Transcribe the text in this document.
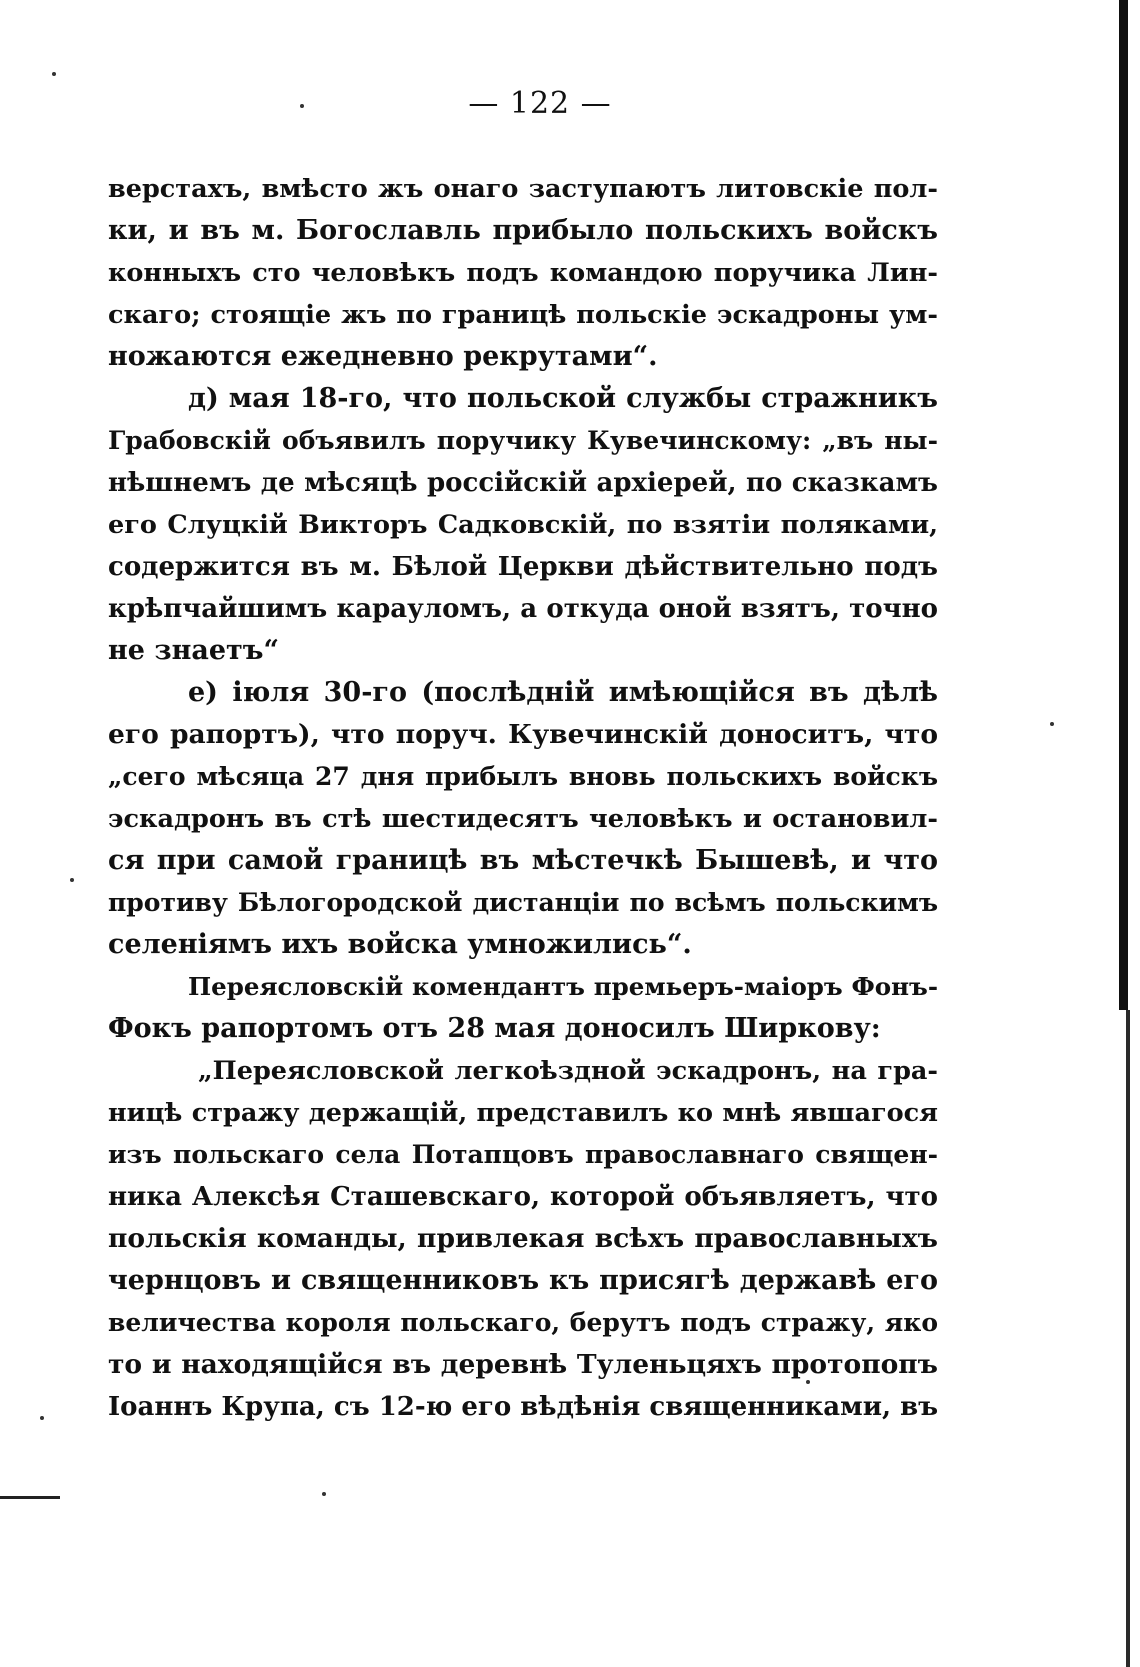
— 122 —
верстахъ, вмѣсто жъ онаго заступаютъ литовскіе пол-
ки, и въ м. Богославль прибыло польскихъ войскъ
конныхъ сто человѣкъ подъ командою поручика Лин-
скаго; стоящіе жъ по границѣ польскіе эскадроны ум-
ножаются ежедневно рекрутами“.
д) мая 18-го, что польской службы стражникъ
Грабовскій объявилъ поручику Кувечинскому: „въ ны-
нѣшнемъ де мѣсяцѣ россійскій архіерей, по сказкамъ
его Слуцкій Викторъ Садковскій, по взятіи поляками,
содержится въ м. Бѣлой Церкви дѣйствительно подъ
крѣпчайшимъ карауломъ, а откуда оной взятъ, точно
не знаетъ“
е) іюля 30-го (послѣдній имѣющійся въ дѣлѣ
его рапортъ), что поруч. Кувечинскій доноситъ, что
„сего мѣсяца 27 дня прибылъ вновь польскихъ войскъ
эскадронъ въ стѣ шестидесятъ человѣкъ и остановил-
ся при самой границѣ въ мѣстечкѣ Бышевѣ, и что
противу Бѣлогородской дистанціи по всѣмъ польскимъ
селеніямъ ихъ войска умножились“.
Переясловскій комендантъ премьеръ-маіоръ Фонъ-
Фокъ рапортомъ отъ 28 мая доносилъ Ширкову:
„Переясловской легкоѣздной эскадронъ, на гра-
ницѣ стражу держащій, представилъ ко мнѣ явшагося
изъ польскаго села Потапцовъ православнаго священ-
ника Алексѣя Сташевскаго, которой объявляетъ, что
польскія команды, привлекая всѣхъ православныхъ
чернцовъ и священниковъ къ присягѣ державѣ его
величества короля польскаго, берутъ подъ стражу, яко
то и находящійся въ деревнѣ Туленьцяхъ протопопъ
Іоаннъ Крупа, съ 12-ю его вѣдѣнія священниками, въ
